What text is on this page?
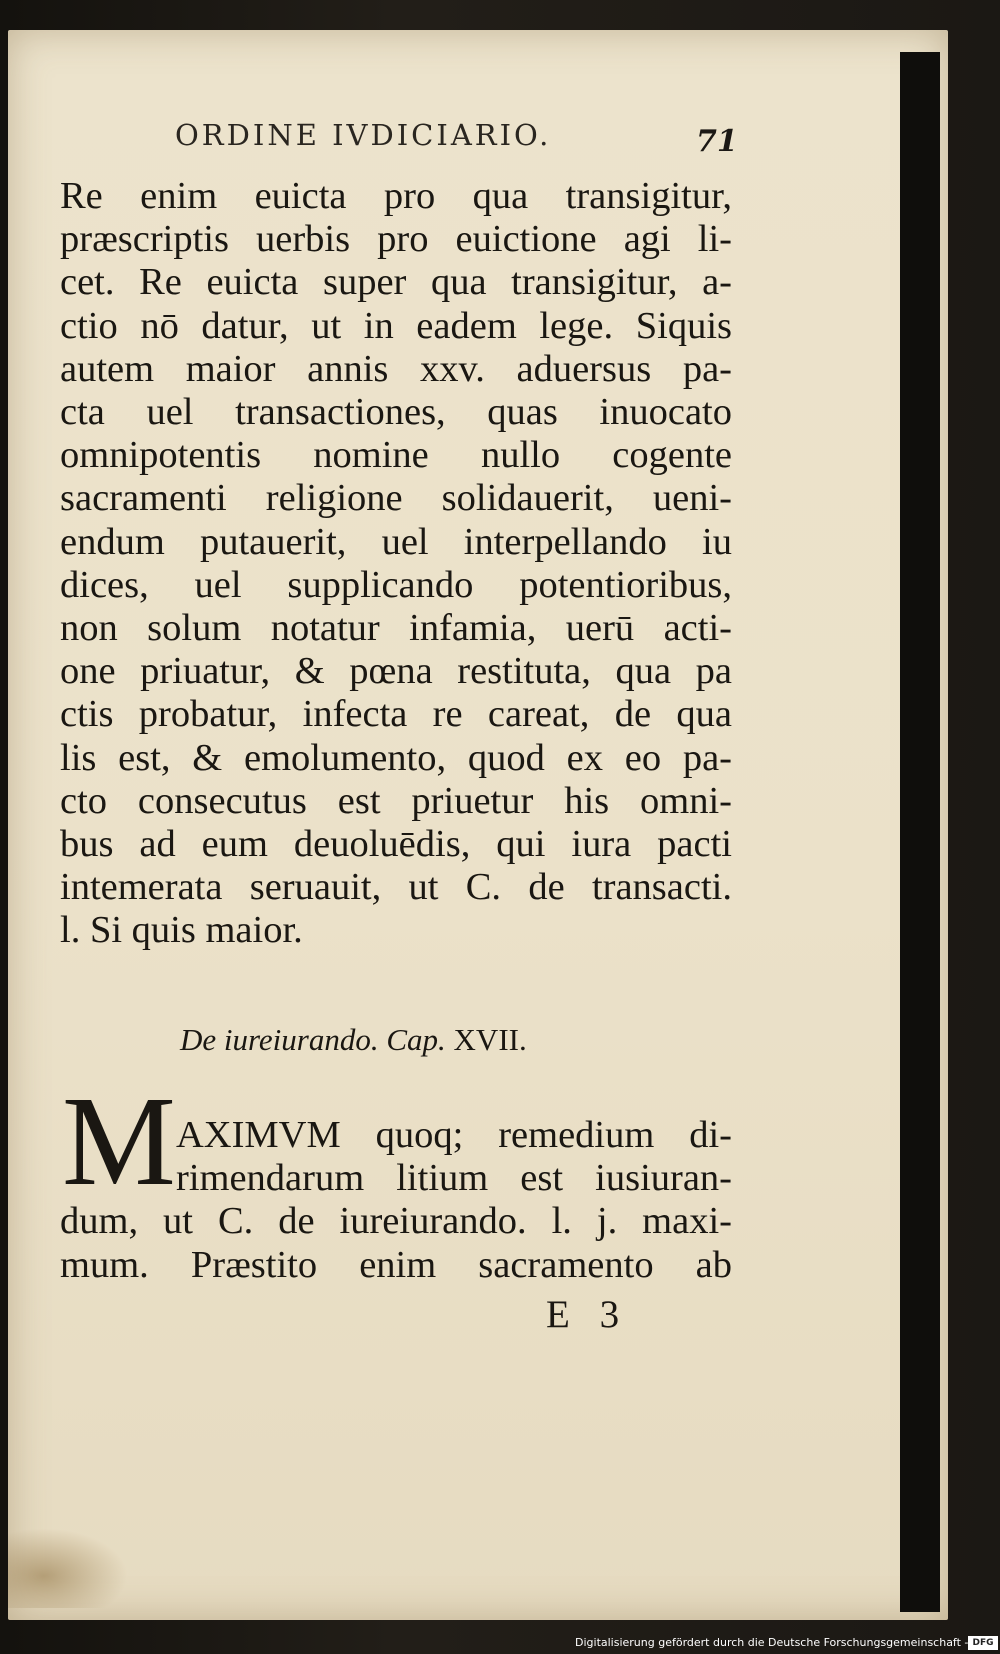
ORDINE IVDICIARIO.	71
Re enim euicta pro qua transigitur,
præscriptis uerbis pro euictione agi li-
cet. Re euicta super qua transigitur, a-
ctio nō datur, ut in eadem lege. Siquis
autem maior annis xxv. aduersus pa-
cta uel transactiones, quas inuocato
omnipotentis nomine nullo cogente
sacramenti religione solidauerit, ueni-
endum putauerit, uel interpellando iu
dices, uel supplicando potentioribus,
non solum notatur infamia, uerū acti-
one priuatur, & pœna restituta, qua pa
ctis probatur, infecta re careat, de qua
lis est, & emolumento, quod ex eo pa-
cto consecutus est priuetur his omni-
bus ad eum deuoluēdis, qui iura pacti
intemerata seruauit, ut C. de transacti.
l. Si quis maior.
De iureiurando. Cap. XVII.
M AXIMVM quoq; remedium di-
rimendarum litium est iusiuran-
dum, ut C. de iureiurando. l. j. maxi-
mum. Præstito enim sacramento ab
E 3
Digitalisierung gefördert durch die Deutsche Forschungsgemeinschaft - DFG
